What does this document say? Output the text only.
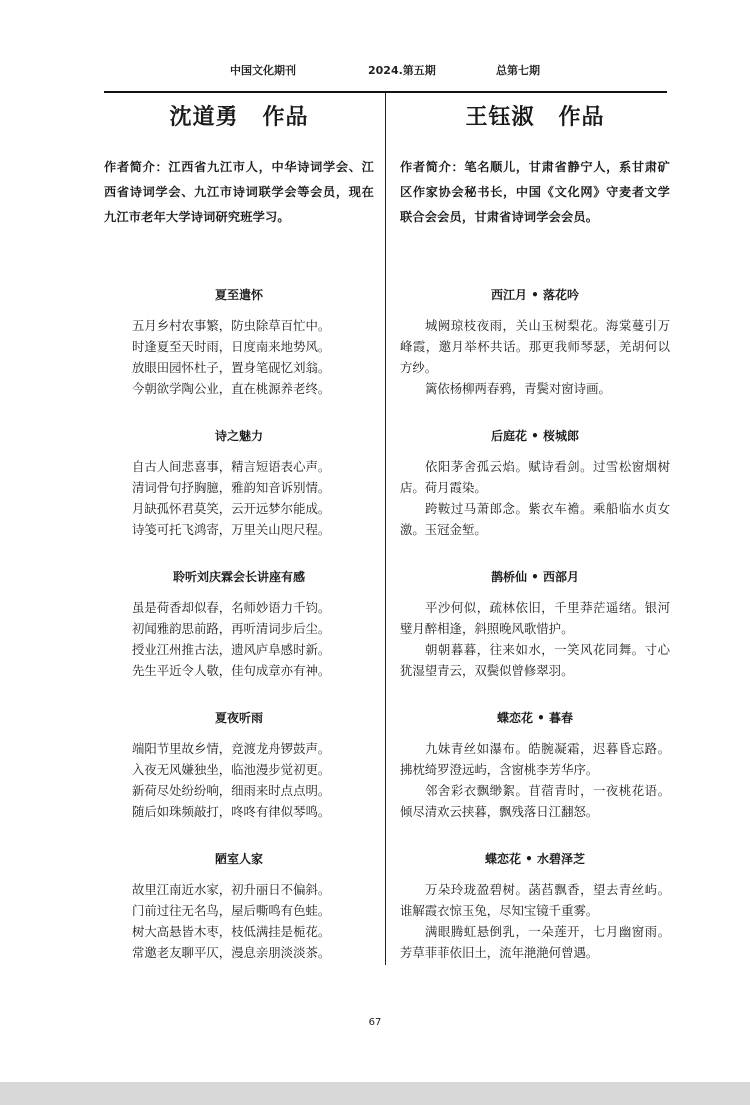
中国文化期刊	2024.第五期	总第七期
沈道勇 作品
作者简介：江西省九江市人，中华诗词学会、江西省诗词学会、九江市诗词联学会等会员，现在九江市老年大学诗词研究班学习。
夏至遣怀
五月乡村农事繁，防虫除草百忙中。
时逢夏至天时雨，日度南来地势风。
放眼田园怀杜子，置身笔砚忆刘翁。
今朝欲学陶公业，直在桃源养老终。
诗之魅力
自古人间悲喜事，精言短语表心声。
清词骨句抒胸臆，雅韵知音诉别情。
月缺孤怀君莫笑，云开远梦尔能成。
诗笺可托飞鸿寄，万里关山咫尺程。
聆听刘庆霖会长讲座有感
虽是荷香却似春，名师妙语力千钧。
初闻雅韵思前路，再听清词步后尘。
授业江州推古法，遗风庐阜感时新。
先生平近令人敬，佳句成章亦有神。
夏夜听雨
端阳节里故乡情，竞渡龙舟锣鼓声。
入夜无风嫌独坐，临池漫步觉初更。
新荷尽处纷纷响，细雨来时点点明。
随后如珠频敲打，咚咚有律似琴鸣。
陋室人家
故里江南近水家，初升丽日不偏斜。
门前过往无名鸟，屋后嘶鸣有色蛙。
树大高悬皆木枣，枝低满挂是栀花。
常邀老友聊平仄，漫息亲朋淡淡茶。
王钰淑 作品
作者简介：笔名顺儿，甘肃省静宁人，系甘肃矿区作家协会秘书长，中国《文化网》守麦者文学联合会会员，甘肃省诗词学会会员。
西江月 • 落花吟

城阙琼枝夜雨，关山玉树梨花。海棠蔓引万峰霞，邀月举杯共话。那更我师琴瑟，羌胡何以方纱。

篱依杨柳两春鸦，青鬓对窗诗画。

后庭花 • 桜城郎

依阳茅舍孤云焰。赋诗看剑。过雪松窗烟树店。荷月霞染。

跨鞍过马萧郎念。紫衣车襜。乘船临水贞女激。玉冠金堑。

鹊桥仙 • 西部月

平沙何似，疏林依旧，千里莽茫遥绪。银河璧月醉相逢，斜照晚风歌惜护。

朝朝暮暮，往来如水，一笑风花同舞。寸心犹湿望青云，双鬓似曾修翠羽。

蝶恋花 • 暮春

九妹青丝如瀑布。皓腕凝霜，迟暮昏忘路。拂枕绮罗澄远屿，含窗桃李芳华序。

邻舍彩衣飘缈絮。苜蓿青时，一夜桃花语。倾尽清欢云挟暮，飘残落日江翻怒。

蝶恋花 • 水碧泽芝

万朵玲珑盈碧树。菡萏飘香，望去青丝屿。谁解霞衣惊玉兔，尽知宝镜千重雾。

满眼腾虹悬倒乳，一朵莲开，七月幽窗雨。芳草菲菲依旧土，流年滟滟何曾遇。

67
